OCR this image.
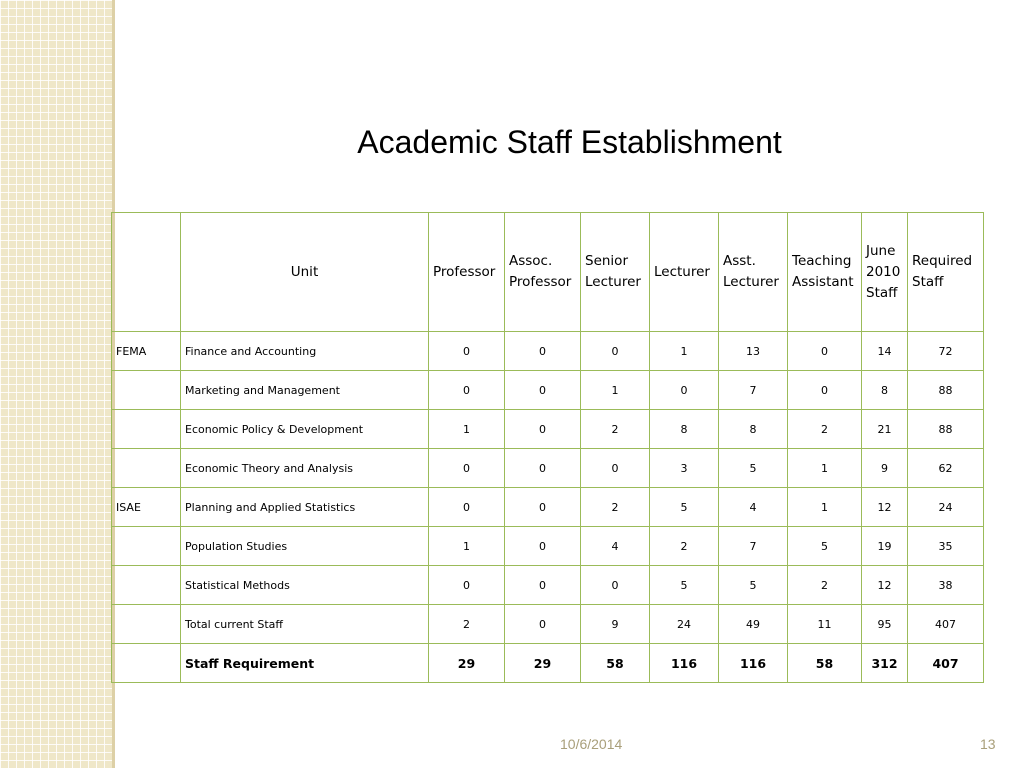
Academic Staff Establishment
	Unit	Professor	Assoc. Professor	Senior Lecturer	Lecturer	Asst. Lecturer	Teaching Assistant	June 2010 Staff	Required Staff
FEMA	Finance and Accounting	0	0	0	1	13	0	14	72
	Marketing and Management	0	0	1	0	7	0	8	88
	Economic Policy & Development	1	0	2	8	8	2	21	88
	Economic Theory and Analysis	0	0	0	3	5	1	9	62
ISAE	Planning and Applied Statistics	0	0	2	5	4	1	12	24
	Population Studies	1	0	4	2	7	5	19	35
	Statistical Methods	0	0	0	5	5	2	12	38
	Total current Staff	2	0	9	24	49	11	95	407
	Staff Requirement	29	29	58	116	116	58	312	407
10/6/2014	13
